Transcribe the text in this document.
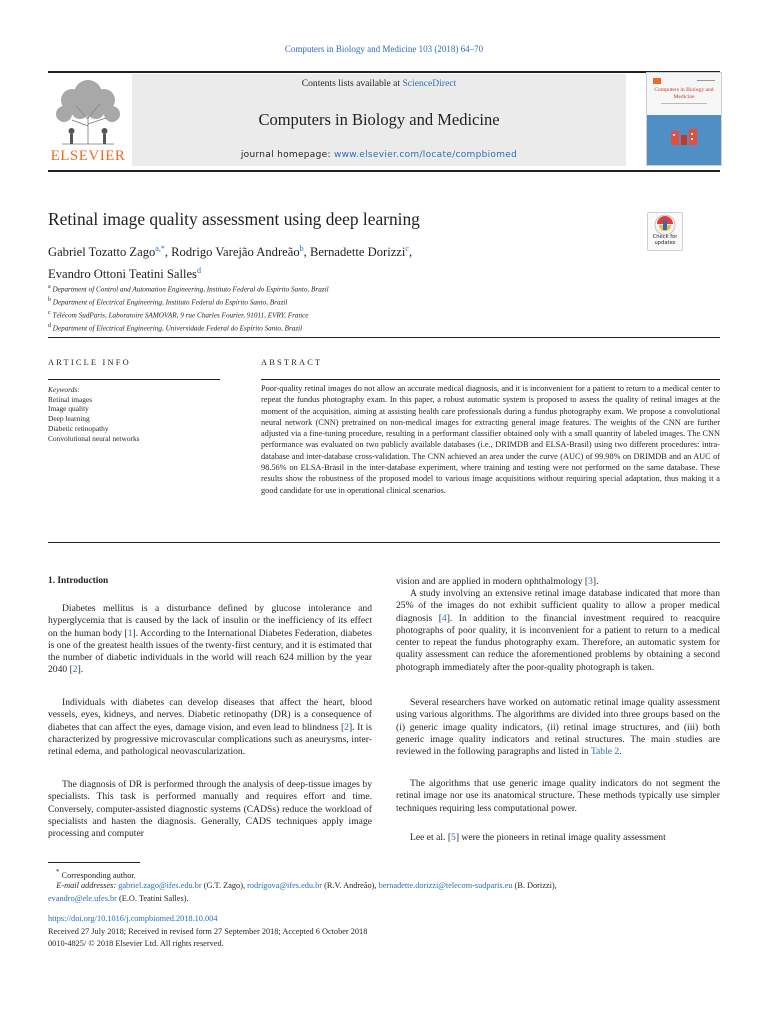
Computers in Biology and Medicine 103 (2018) 64–70
ELSEVIER
Contents lists available at ScienceDirect
Computers in Biology and Medicine
journal homepage: www.elsevier.com/locate/compbiomed
Computers in Biology and Medicine
Retinal image quality assessment using deep learning
Check for updates
Gabriel Tozatto Zago$^{a,*}$, Rodrigo Varejão Andreão$^b$, Bernadette Dorizzi$^c$,
Evandro Ottoni Teatini Salles$^d$

$^a$ Department of Control and Automation Engineering, Instituto Federal do Espírito Santo, Brazil

$^b$ Department of Electrical Engineering, Instituto Federal do Espírito Santo, Brazil

$^c$ Télécom SudParis, Laboratoire SAMOVAR, 9 rue Charles Fourier, 91011, EVRY, France

$^d$ Department of Electrical Engineering, Universidade Federal do Espírito Santo, Brazil

ARTICLE INFO	ABSTRACT

Keywords:

Retinal images

Image quality

Deep learning

Diabetic retinopathy

Convolutional neural networks

Poor-quality retinal images do not allow an accurate medical diagnosis, and it is inconvenient for a patient to return to a medical center to repeat the fundus photography exam. In this paper, a robust automatic system is proposed to assess the quality of retinal images at the moment of the acquisition, aiming at assisting health care professionals during a fundus photography exam. We propose a convolutional neural network (CNN) pretrained on non-medical images for extracting general image features. The weights of the CNN are further adjusted via a fine-tuning procedure, resulting in a performant classifier obtained only with a small quantity of labeled images. The CNN performance was evaluated on two publicly available databases (i.e., DRIMDB and ELSA-Brasil) using two different procedures: intra-database and inter-database cross-validation. The CNN achieved an area under the curve (AUC) of 99.98% on DRIMDB and an AUC of 98.56% on ELSA-Brasil in the inter-database experiment, where training and testing were not performed on the same database. These results show the robustness of the proposed model to various image acquisitions without requiring special adaptation, thus making it a good candidate for use in operational clinical scenarios.

1. Introduction

Diabetes mellitus is a disturbance defined by glucose intolerance and hyperglycemia that is caused by the lack of insulin or the inefficiency of its effect on the human body [1]. According to the International Diabetes Federation, diabetes is one of the greatest health issues of the twenty-first century, and it is estimated that the number of diabetic individuals in the world will reach 624 million by the year 2040 [2].

Individuals with diabetes can develop diseases that affect the heart, blood vessels, eyes, kidneys, and nerves. Diabetic retinopathy (DR) is a consequence of diabetes that can affect the eyes, damage vision, and even lead to blindness [2]. It is characterized by progressive microvascular complications such as aneurysms, inter-retinal edema, and pathological neovascularization.

The diagnosis of DR is performed through the analysis of deep-tissue images by specialists. This task is performed manually and requires effort and time. Conversely, computer-assisted diagnostic systems (CADSs) reduce the workload of specialists and hasten the diagnosis. Generally, CADS techniques apply image processing and computer

vision and are applied in modern ophthalmology [3].

A study involving an extensive retinal image database indicated that more than 25% of the images do not exhibit sufficient quality to allow a proper medical diagnosis [4]. In addition to the financial investment required to reacquire photographs of poor quality, it is inconvenient for a patient to return to a medical center to repeat the fundus photography exam. Therefore, an automatic system for quality assessment can reduce the aforementioned problems by obtaining a second photograph immediately after the poor-quality photograph is taken.

Several researchers have worked on automatic retinal image quality assessment using various algorithms. The algorithms are divided into three groups based on the (i) generic image quality indicators, (ii) retinal image structures, and (iii) both generic image quality indicators and retinal structures. The main studies are reviewed in the following paragraphs and listed in Table 2.

The algorithms that use generic image quality indicators do not segment the retinal image nor use its anatomical structure. These methods typically use simpler techniques requiring less computational power.

Lee et al. [5] were the pioneers in retinal image quality assessment

* Corresponding author.
E-mail addresses: gabriel.zago@ifes.edu.br (G.T. Zago), rodrigova@ifes.edu.br (R.V. Andreão), bernadette.dorizzi@telecom-sudparis.eu (B. Dorizzi),
evandro@ele.ufes.br (E.O. Teatini Salles).
https://doi.org/10.1016/j.compbiomed.2018.10.004
Received 27 July 2018; Received in revised form 27 September 2018; Accepted 6 October 2018
0010-4825/ © 2018 Elsevier Ltd. All rights reserved.
